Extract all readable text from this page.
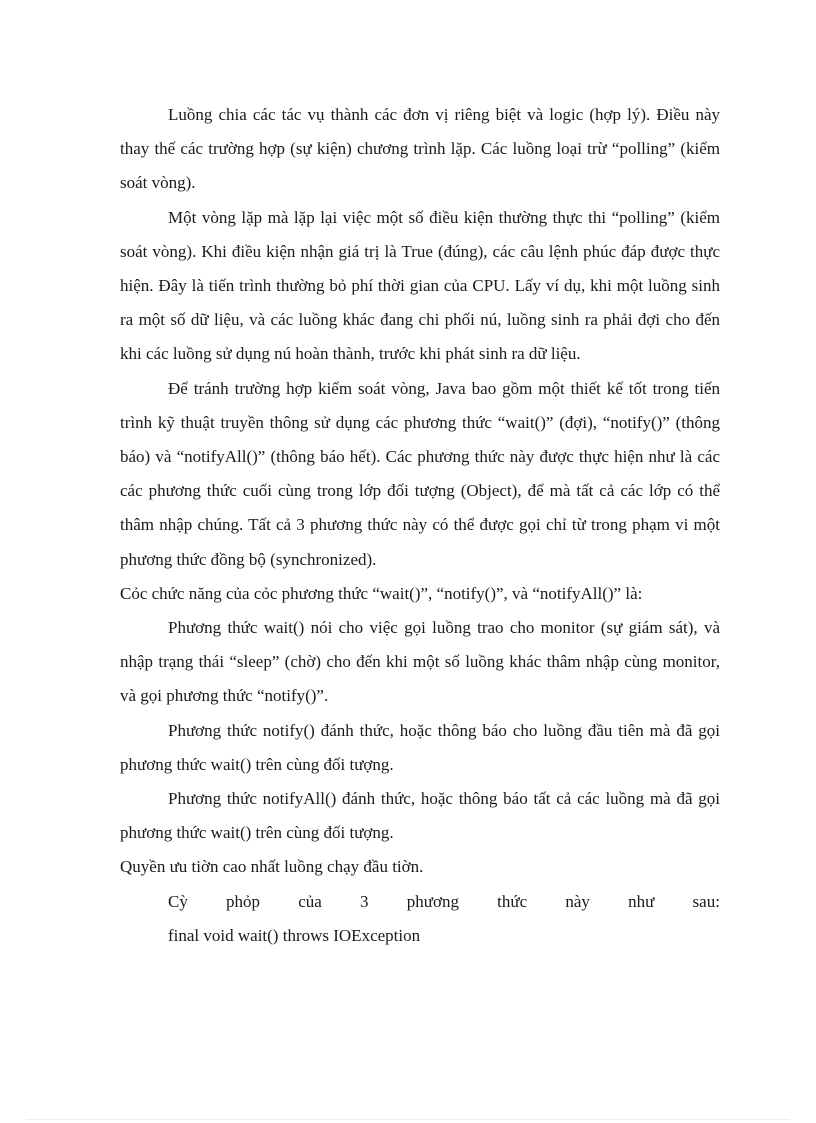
Luồng chia các tác vụ thành các đơn vị riêng biệt và logic (hợp lý). Điều này thay thế các trường hợp (sự kiện) chương trình lặp. Các luồng loại trừ “polling” (kiểm soát vòng).

Một vòng lặp mà lặp lại việc một số điều kiện thường thực thi “polling” (kiểm soát vòng). Khi điều kiện nhận giá trị là True (đúng), các câu lệnh phúc đáp được thực hiện. Đây là tiến trình thường bỏ phí thời gian của CPU. Lấy ví dụ, khi một luồng sinh ra một số dữ liệu, và các luồng khác đang chi phối nú, luồng sinh ra phải đợi cho đến khi các luồng sử dụng nú hoàn thành, trước khi phát sinh ra dữ liệu.

Để tránh trường hợp kiểm soát vòng, Java bao gồm một thiết kế tốt trong tiến trình kỹ thuật truyền thông sử dụng các phương thức “wait()” (đợi), “notify()” (thông báo) và “notifyAll()” (thông báo hết). Các phương thức này được thực hiện như là các các phương thức cuối cùng trong lớp đối tượng (Object), để mà tất cả các lớp có thể thâm nhập chúng. Tất cả 3 phương thức này có thể được gọi chỉ từ trong phạm vi một phương thức đồng bộ (synchronized).

Cỏc chức năng của cỏc phương thức “wait()”, “notify()”, và “notifyAll()” là:

Phương thức wait() nói cho việc gọi luồng trao cho monitor (sự giám sát), và nhập trạng thái “sleep” (chờ) cho đến khi một số luồng khác thâm nhập cùng monitor, và gọi phương thức “notify()”.

Phương thức notify() đánh thức, hoặc thông báo cho luồng đầu tiên mà đã gọi phương thức wait() trên cùng đối tượng.

Phương thức notifyAll() đánh thức, hoặc thông báo tất cả các luồng mà đã gọi phương thức wait() trên cùng đối tượng.

Quyền ưu tiờn cao nhất luồng chạy đầu tiờn.

Cỳ phỏp của 3 phương thức này như sau:
final void wait() throws IOException
